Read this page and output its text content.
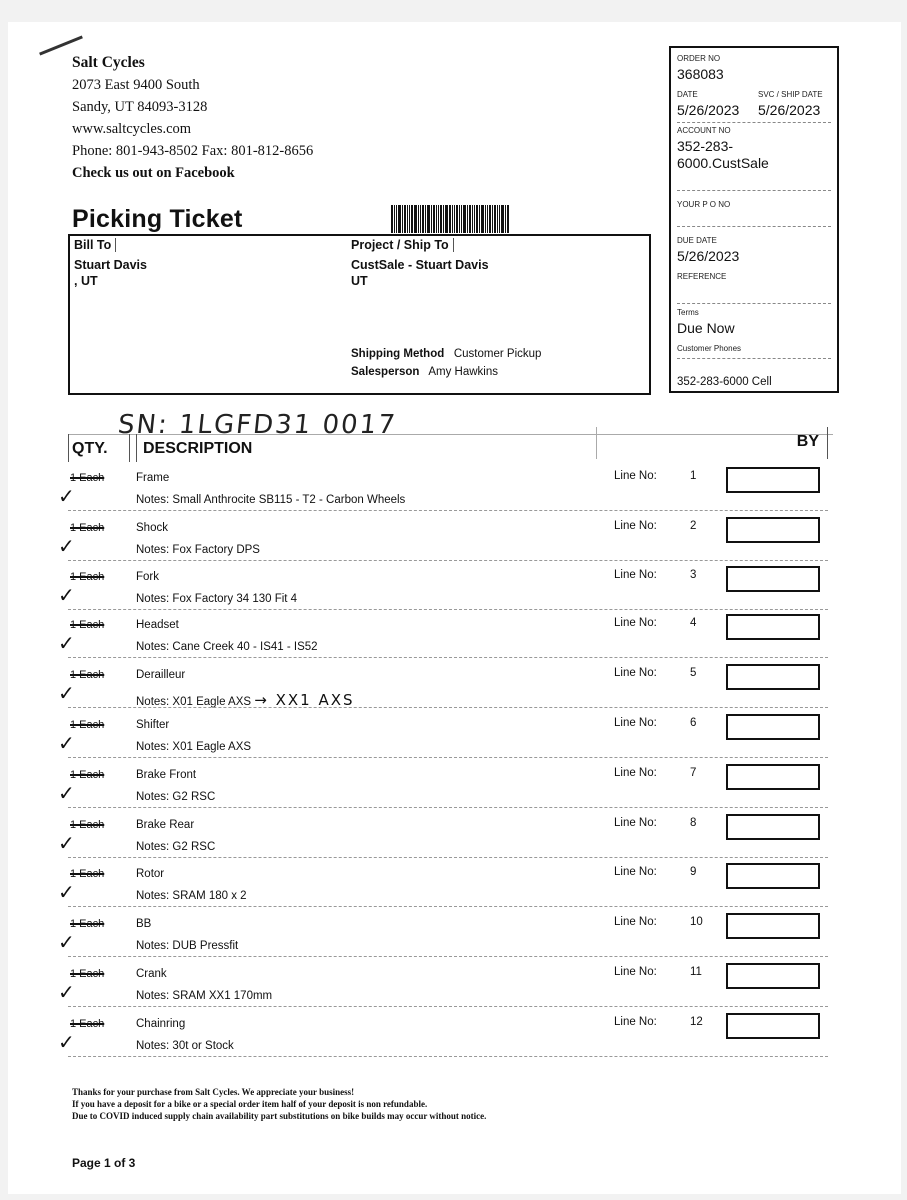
Salt Cycles
2073 East 9400 South
Sandy, UT 84093-3128
www.saltcycles.com
Phone: 801-943-8502 Fax: 801-812-8656
Check us out on Facebook
Picking Ticket
Bill To
Stuart Davis
, UT
Project / Ship To
CustSale - Stuart Davis
UT
Shipping Method Customer Pickup
Salesperson Amy Hawkins
ORDER NO
368083
DATE
5/26/2023
SVC / SHIP DATE
5/26/2023
ACCOUNT NO
352-283-
6000.CustSale
YOUR P O NO
DUE DATE
5/26/2023
REFERENCE
Terms
Due Now
Customer Phones
352-283-6000 Cell
SN: 1LGFD31 0017
QTY.	DESCRIPTION	BY
1 Each
✓
Frame
Notes: Small Anthrocite SB115 - T2 - Carbon Wheels
Line No:	1
1 Each
✓
Shock
Notes: Fox Factory DPS
Line No:	2
1 Each
✓
Fork
Notes: Fox Factory 34 130 Fit 4
Line No:	3
1 Each
✓
Headset
Notes: Cane Creek 40 - IS41 - IS52
Line No:	4
1 Each
✓
Derailleur
Notes: X01 Eagle AXS → XX1 AXS
Line No:	5
1 Each
✓
Shifter
Notes: X01 Eagle AXS
Line No:	6
1 Each
✓
Brake Front
Notes: G2 RSC
Line No:	7
1 Each
✓
Brake Rear
Notes: G2 RSC
Line No:	8
1 Each
✓
Rotor
Notes: SRAM 180 x 2
Line No:	9
1 Each
✓
BB
Notes: DUB Pressfit
Line No:	10
1 Each
✓
Crank
Notes: SRAM XX1 170mm
Line No:	11
1 Each
✓
Chainring
Notes: 30t or Stock
Line No:	12
Thanks for your purchase from Salt Cycles. We appreciate your business!
If you have a deposit for a bike or a special order item half of your deposit is non refundable.
Due to COVID induced supply chain availability part substitutions on bike builds may occur without notice.
Page 1 of 3
